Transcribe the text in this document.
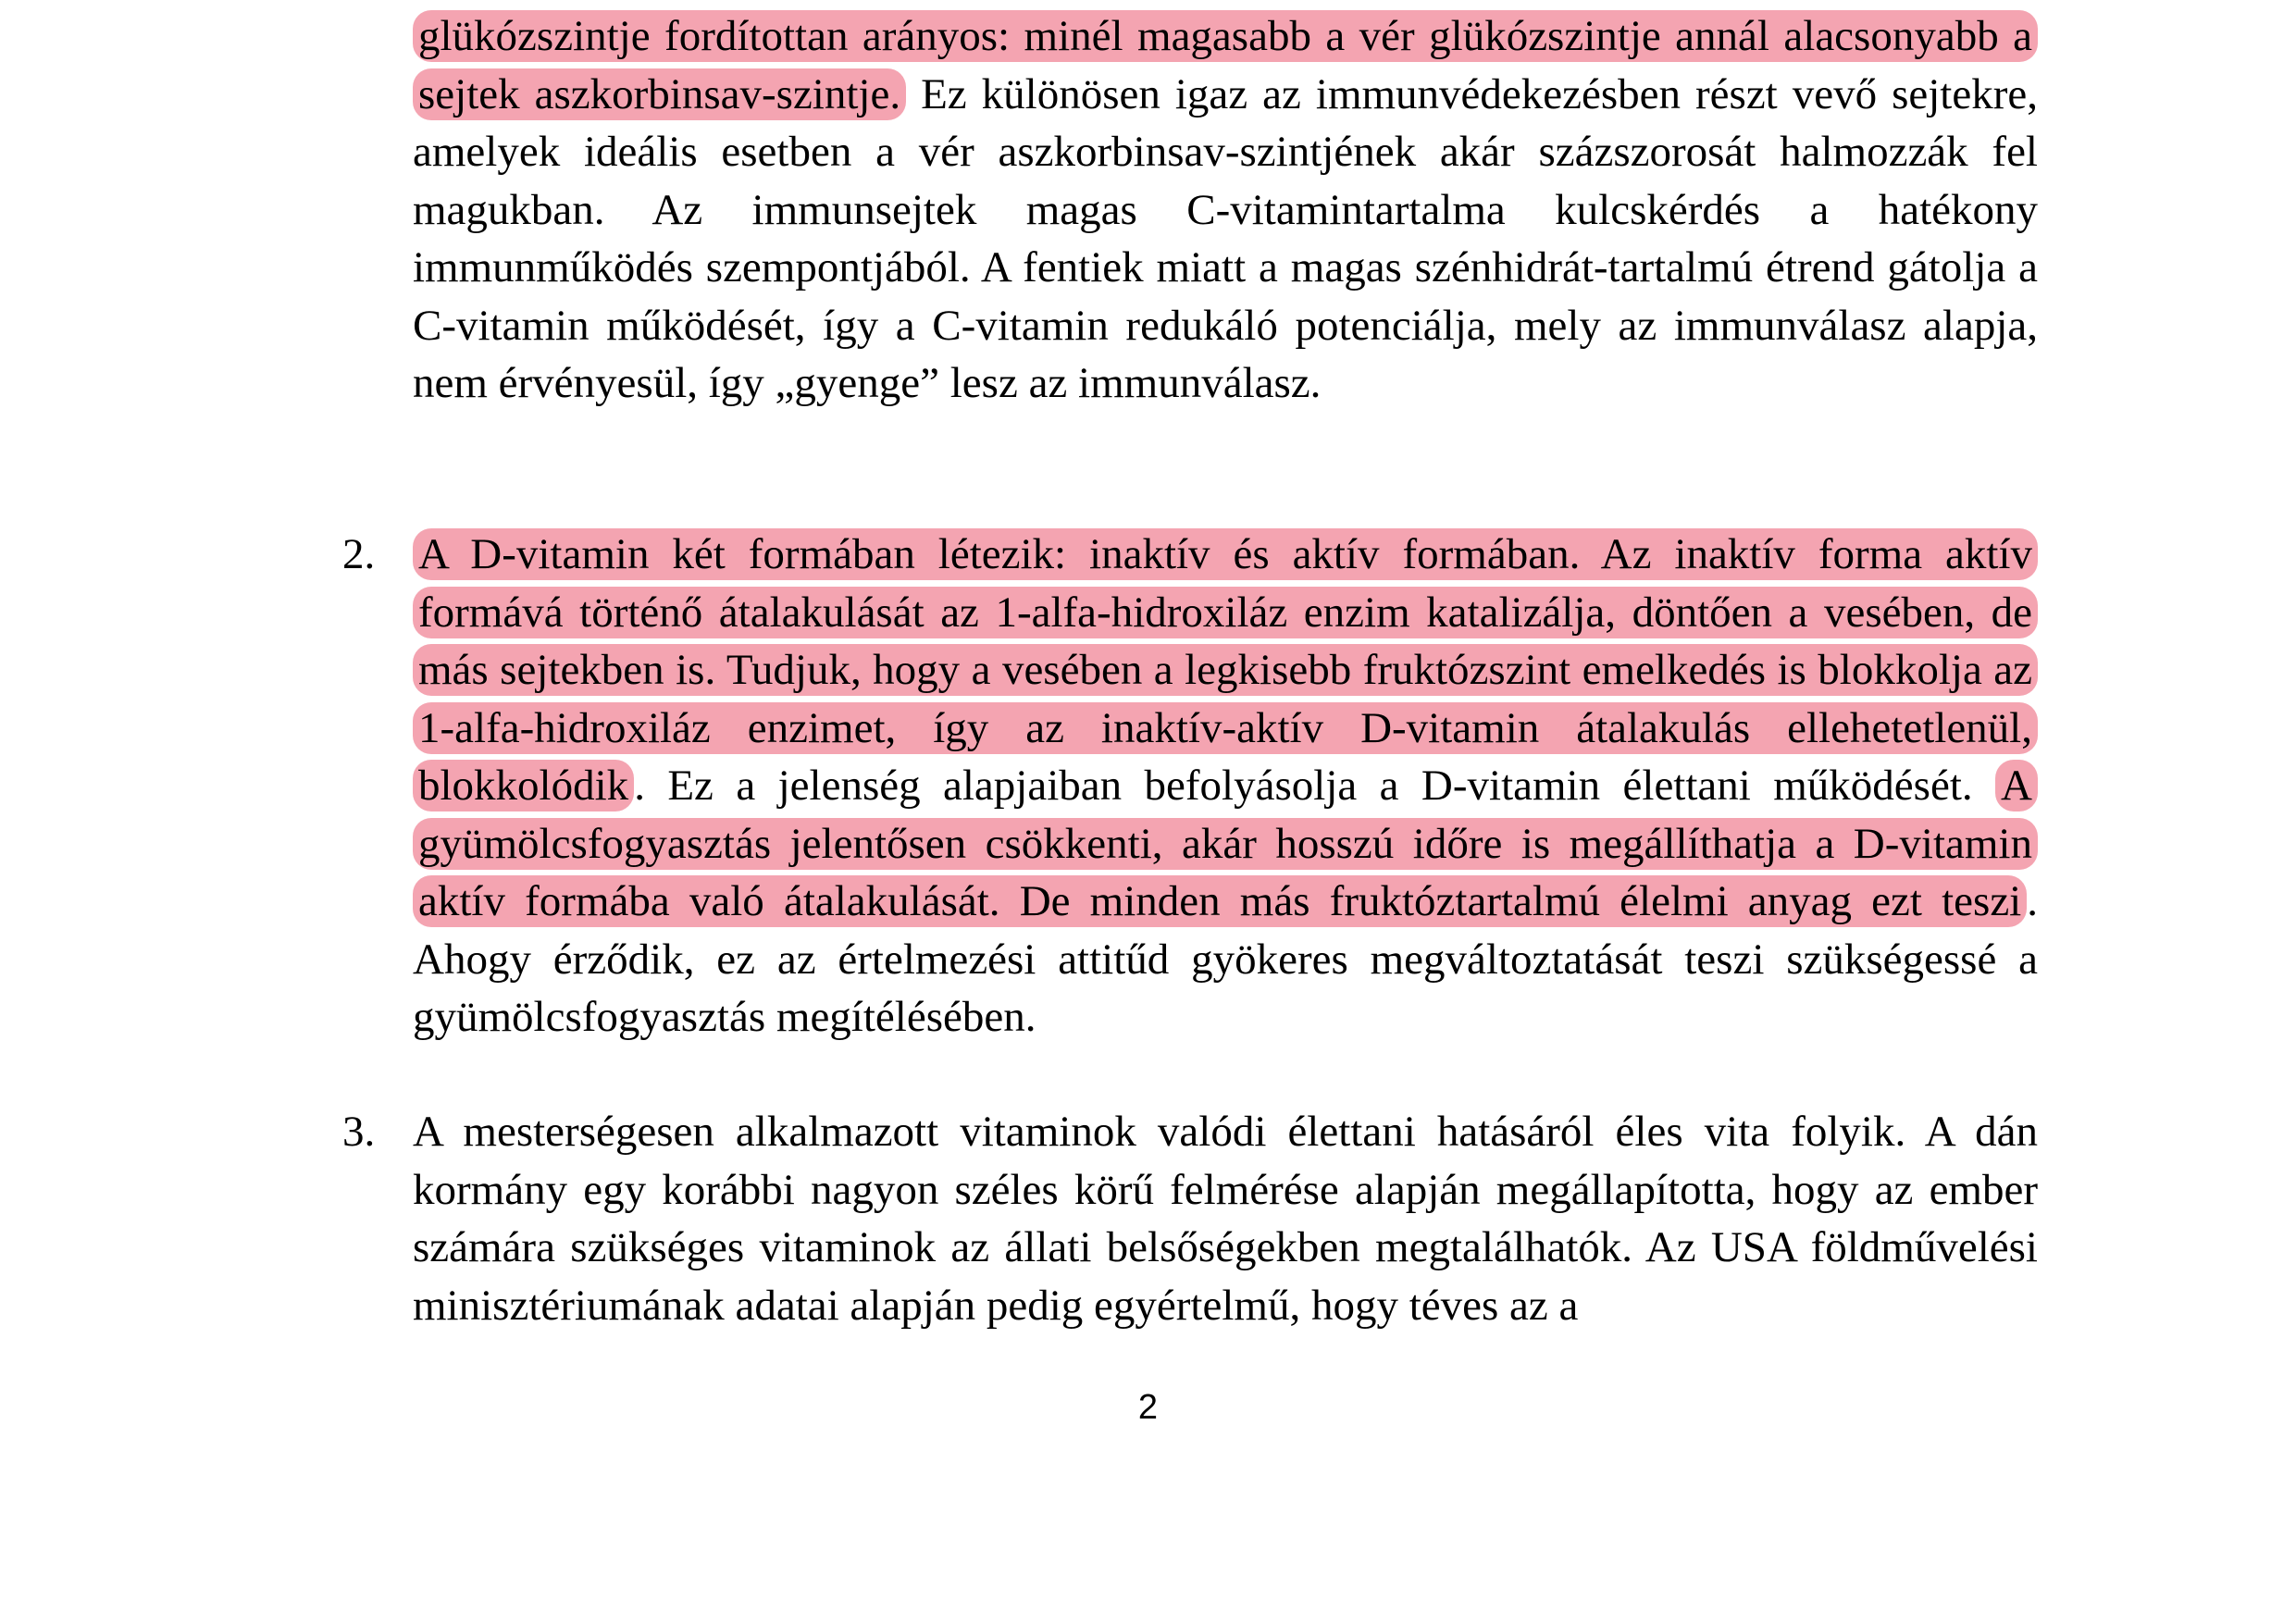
glükózszintje fordítottan arányos: minél magasabb a vér glükózszintje annál alacsonyabb a sejtek aszkorbinsav-szintje. Ez különösen igaz az immunvédekezésben részt vevő sejtekre, amelyek ideális esetben a vér aszkorbinsav-szintjének akár százszorosát halmozzák fel magukban. Az immunsejtek magas C-vitamintartalma kulcskérdés a hatékony immunműködés szempontjából. A fentiek miatt a magas szénhidrát-tartalmú étrend gátolja a C-vitamin működését, így a C-vitamin redukáló potenciálja, mely az immunválasz alapja, nem érvényesül, így „gyenge” lesz az immunválasz.
2. A D-vitamin két formában létezik: inaktív és aktív formában. Az inaktív forma aktív formává történő átalakulását az 1-alfa-hidroxiláz enzim katalizálja, döntően a vesében, de más sejtekben is. Tudjuk, hogy a vesében a legkisebb fruktózszint emelkedés is blokkolja az 1-alfa-hidroxiláz enzimet, így az inaktív-aktív D-vitamin átalakulás ellehetetlenül, blokkolódik . Ez a jelenség alapjaiban befolyásolja a D-vitamin élettani működését. A gyümölcsfogyasztás jelentősen csökkenti, akár hosszú időre is megállíthatja a D-vitamin aktív formába való átalakulását. De minden más fruktóztartalmú élelmi anyag ezt teszi . Ahogy érződik, ez az értelmezési attitűd gyökeres megváltoztatását teszi szükségessé a gyümölcsfogyasztás megítélésében.
3. A mesterségesen alkalmazott vitaminok valódi élettani hatásáról éles vita folyik. A dán kormány egy korábbi nagyon széles körű felmérése alapján megállapította, hogy az ember számára szükséges vitaminok az állati belsőségekben megtalálhatók. Az USA földművelési minisztériumának adatai alapján pedig egyértelmű, hogy téves az a
2
